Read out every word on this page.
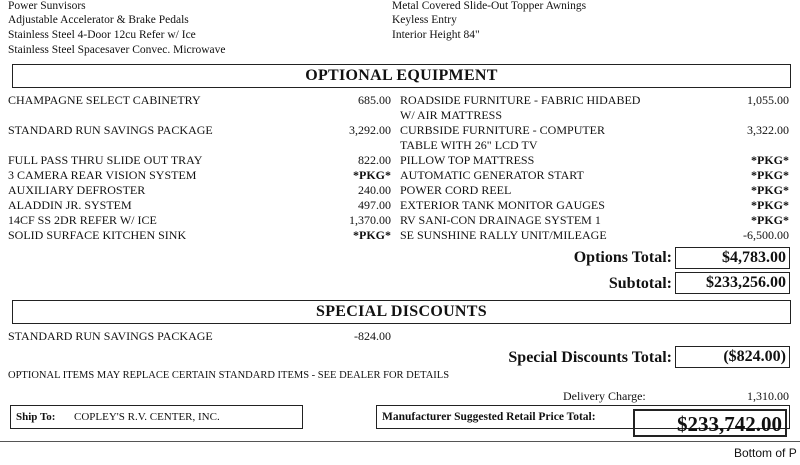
Power Sunvisors
Adjustable Accelerator & Brake Pedals
Stainless Steel 4-Door 12cu Refer w/ Ice
Stainless Steel Spacesaver Convec. Microwave
Metal Covered Slide-Out Topper Awnings
Keyless Entry
Interior Height 84"
OPTIONAL EQUIPMENT
CHAMPAGNE SELECT CABINETRY	685.00 ROADSIDE FURNITURE - FABRIC HIDABED	1,055.00
W/ AIR MATTRESS
STANDARD RUN SAVINGS PACKAGE	3,292.00 CURBSIDE FURNITURE - COMPUTER	3,322.00
TABLE WITH 26" LCD TV
FULL PASS THRU SLIDE OUT TRAY	822.00 PILLOW TOP MATTRESS	*PKG*
3 CAMERA REAR VISION SYSTEM	*PKG* AUTOMATIC GENERATOR START	*PKG*
AUXILIARY DEFROSTER	240.00 POWER CORD REEL	*PKG*
ALADDIN JR. SYSTEM	497.00 EXTERIOR TANK MONITOR GAUGES	*PKG*
14CF SS 2DR REFER W/ ICE	1,370.00 RV SANI-CON DRAINAGE SYSTEM 1	*PKG*
SOLID SURFACE KITCHEN SINK	*PKG* SE SUNSHINE RALLY UNIT/MILEAGE	-6,500.00
Options Total:	$4,783.00
Subtotal:	$233,256.00
SPECIAL DISCOUNTS
STANDARD RUN SAVINGS PACKAGE	-824.00
Special Discounts Total:	($824.00)
OPTIONAL ITEMS MAY REPLACE CERTAIN STANDARD ITEMS - SEE DEALER FOR DETAILS
Delivery Charge:	1,310.00
Ship To: COPLEY'S R.V. CENTER, INC.	Manufacturer Suggested Retail Price Total:	$233,742.00
Bottom of P
